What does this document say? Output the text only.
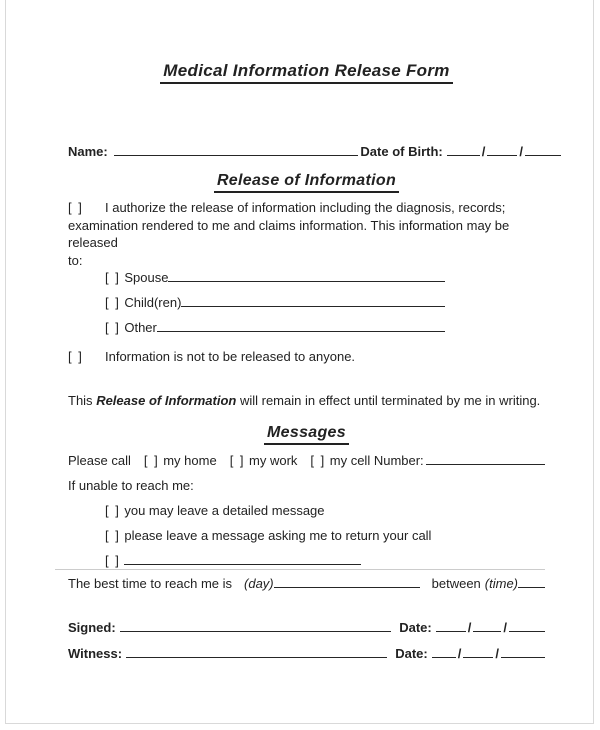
Medical Information Release Form
Name:	Date of Birth:	/	/
Release of Information
[ ] I authorize the release of information including the diagnosis, records;
examination rendered to me and claims information. This information may be released
to:
[ ] Spouse
[ ] Child(ren)
[ ] Other
[ ] Information is not to be released to anyone.
This Release of Information will remain in effect until terminated by me in writing.
Messages
Please call [ ] my home [ ] my work [ ] my cell Number:
If unable to reach me:
[ ] you may leave a detailed message
[ ] please leave a message asking me to return your call
[ ]
The best time to reach me is (day)	between (time)
Signed:	Date:	/ /
Witness:	Date: /	/
